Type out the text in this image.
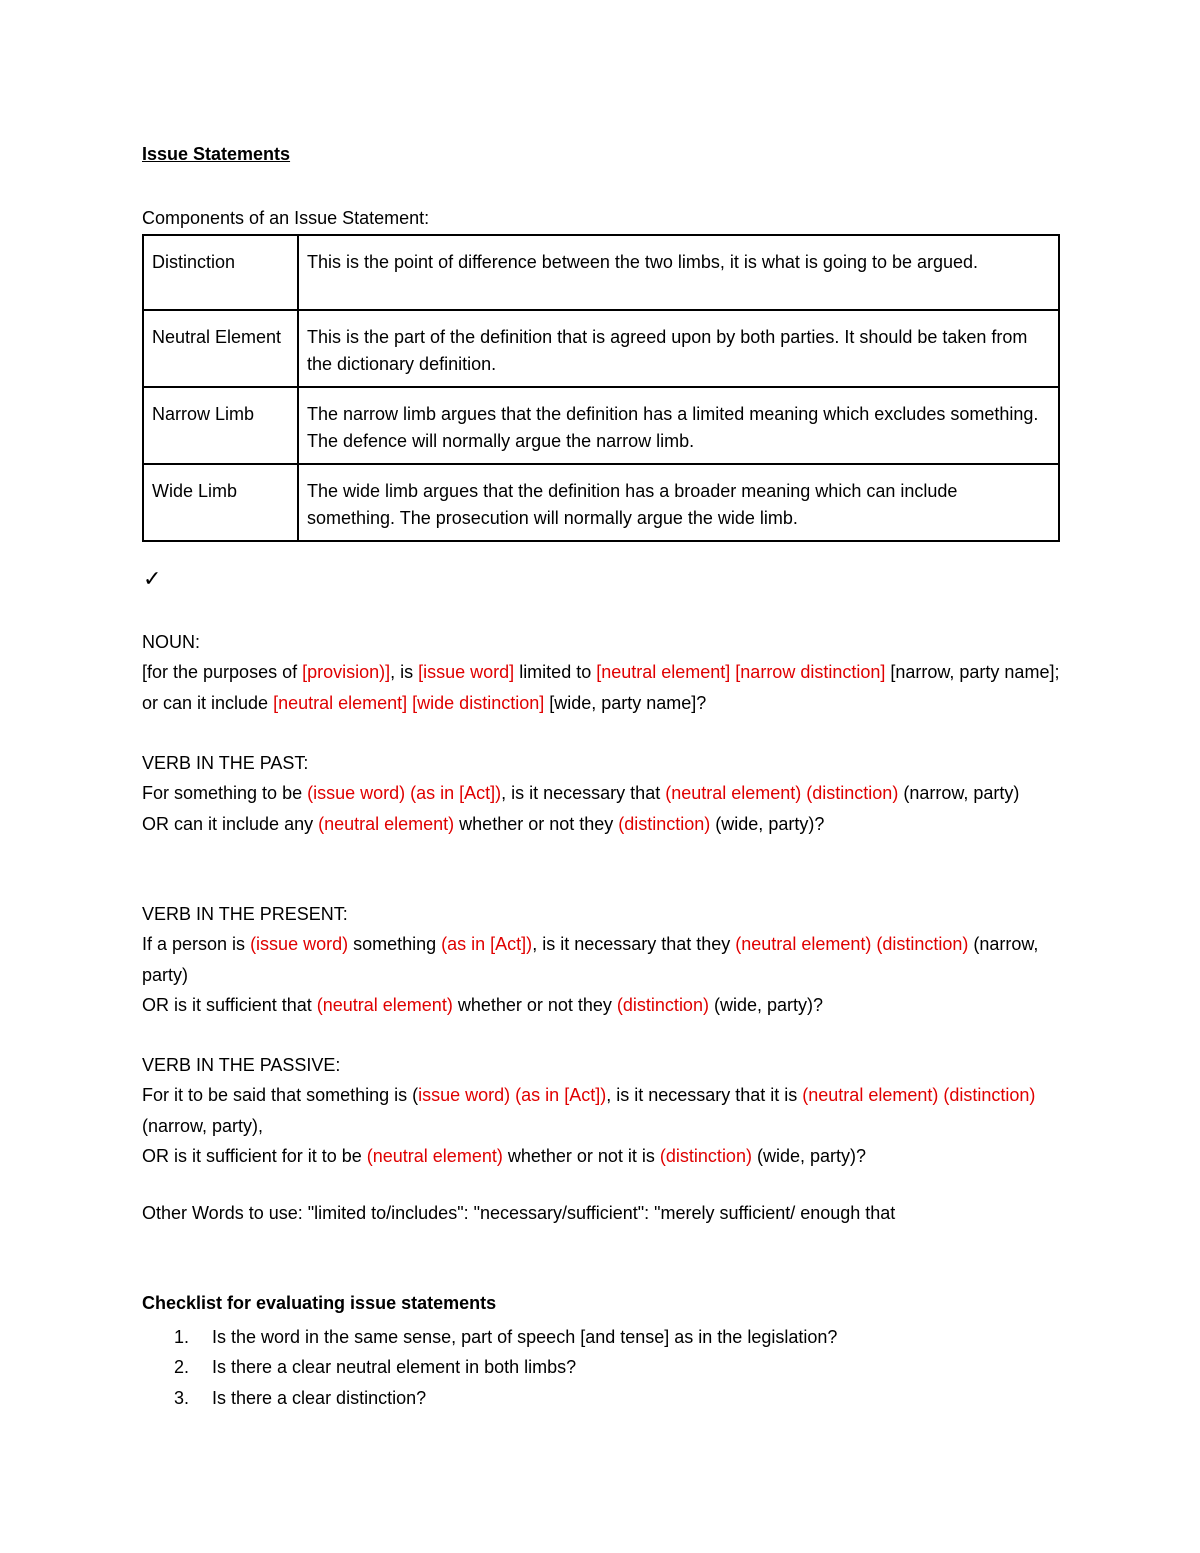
Issue Statements
Components of an Issue Statement:
Distinction	This is the point of difference between the two limbs, it is what is going to be argued.
Neutral Element	This is the part of the definition that is agreed upon by both parties. It should be taken from the dictionary definition.
Narrow Limb	The narrow limb argues that the definition has a limited meaning which excludes something. The defence will normally argue the narrow limb.
Wide Limb	The wide limb argues that the definition has a broader meaning which can include something. The prosecution will normally argue the wide limb.
✓
NOUN:
[for the purposes of [provision)], is [issue word] limited to [neutral element] [narrow distinction] [narrow, party name]; or can it include [neutral element] [wide distinction] [wide, party name]?
VERB IN THE PAST:
For something to be (issue word) (as in [Act]), is it necessary that (neutral element) (distinction) (narrow, party)
OR can it include any (neutral element) whether or not they (distinction) (wide, party)?
VERB IN THE PRESENT:
If a person is (issue word) something (as in [Act]), is it necessary that they (neutral element) (distinction) (narrow, party)
OR is it sufficient that (neutral element) whether or not they (distinction) (wide, party)?
VERB IN THE PASSIVE:
For it to be said that something is (issue word) (as in [Act]), is it necessary that it is (neutral element) (distinction) (narrow, party),
OR is it sufficient for it to be (neutral element) whether or not it is (distinction) (wide, party)?
Other Words to use: "limited to/includes": "necessary/sufficient": "merely sufficient/ enough that
Checklist for evaluating issue statements
1. Is the word in the same sense, part of speech [and tense] as in the legislation?
2. Is there a clear neutral element in both limbs?
3. Is there a clear distinction?
